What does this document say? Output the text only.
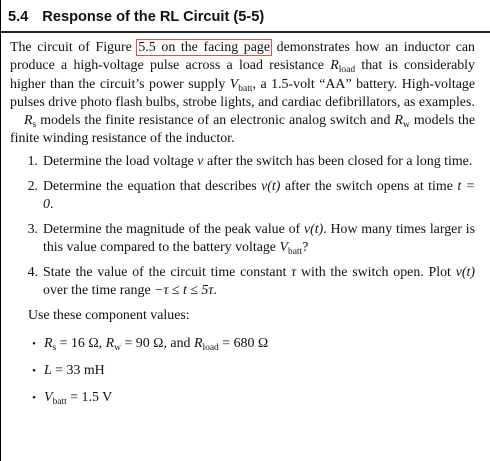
5.4 Response of the RL Circuit (5-5)
The circuit of Figure 5.5 on the facing page demonstrates how an inductor can produce a high-voltage pulse across a load resistance $R_{load}$ that is considerably higher than the circuit’s power supply $V_{batt}$, a 1.5-volt “AA” battery. High-voltage pulses drive photo flash bulbs, strobe lights, and cardiac defibrillators, as examples.
$R_s$ models the finite resistance of an electronic analog switch and $R_w$ models the finite winding resistance of the inductor.
1. Determine the load voltage v after the switch has been closed for a long time.
2. Determine the equation that describes v(t) after the switch opens at time t = 0.
3. Determine the magnitude of the peak value of v(t). How many times larger is this value compared to the battery voltage $V_{batt}$?
4. State the value of the circuit time constant τ with the switch open. Plot v(t) over the time range −τ ≤ t ≤ 5τ.
Use these component values:
• $R_s = 16$ Ω, $R_w = 90$ Ω, and $R_{load} = 680$ Ω
• L = 33 mH
• $V_{batt} = 1.5$ V
